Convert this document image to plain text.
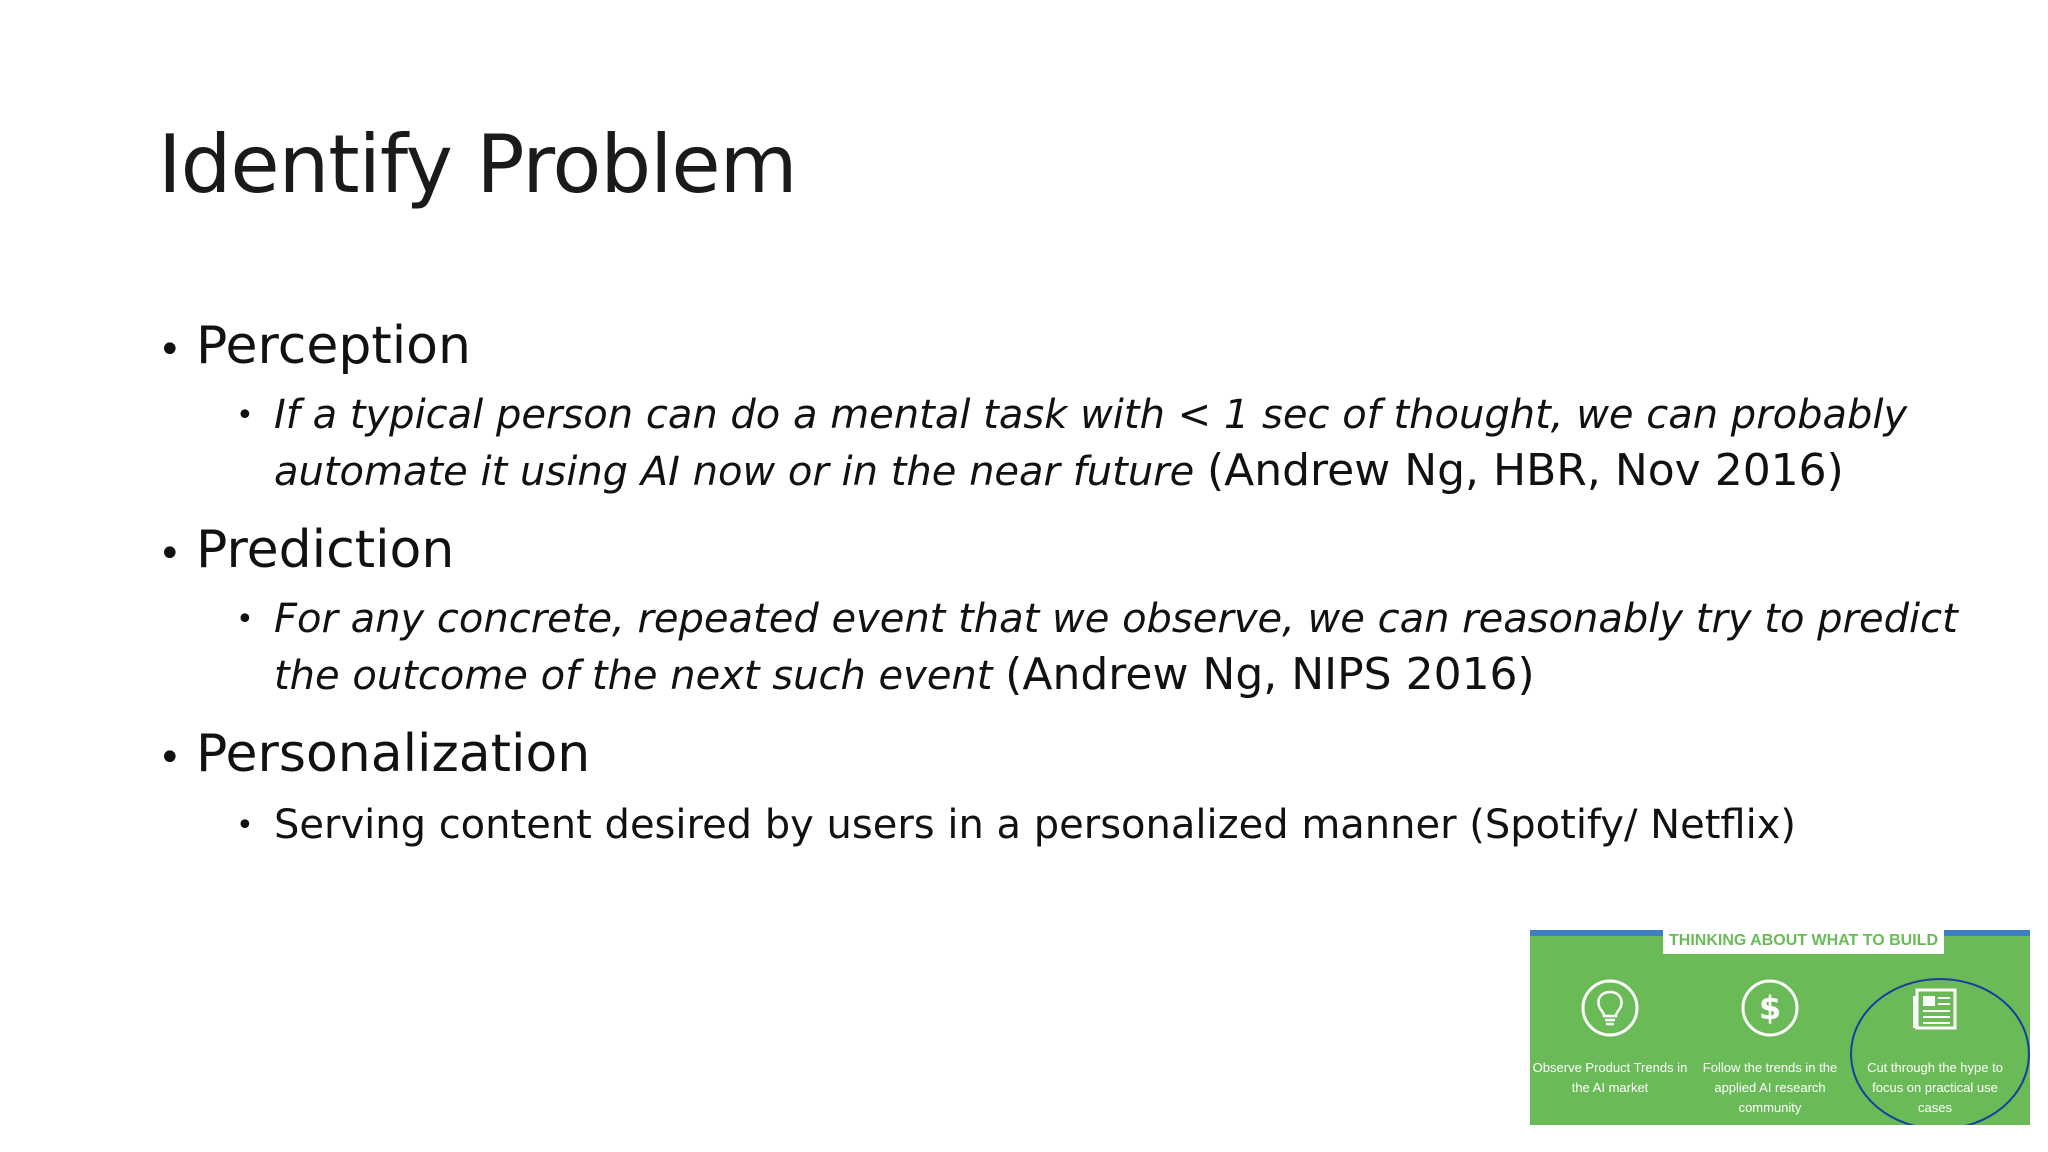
Identify Problem
• Perception
• If a typical person can do a mental task with < 1 sec of thought, we can probably
automate it using AI now or in the near future (Andrew Ng, HBR, Nov 2016)
• Prediction
• For any concrete, repeated event that we observe, we can reasonably try to predict
the outcome of the next such event (Andrew Ng, NIPS 2016)
• Personalization
• Serving content desired by users in a personalized manner (Spotify/ Netflix)
THINKING ABOUT WHAT TO BUILD
Observe Product Trends in the AI market
$
Follow the trends in the applied AI research community
Cut through the hype to focus on practical use cases
